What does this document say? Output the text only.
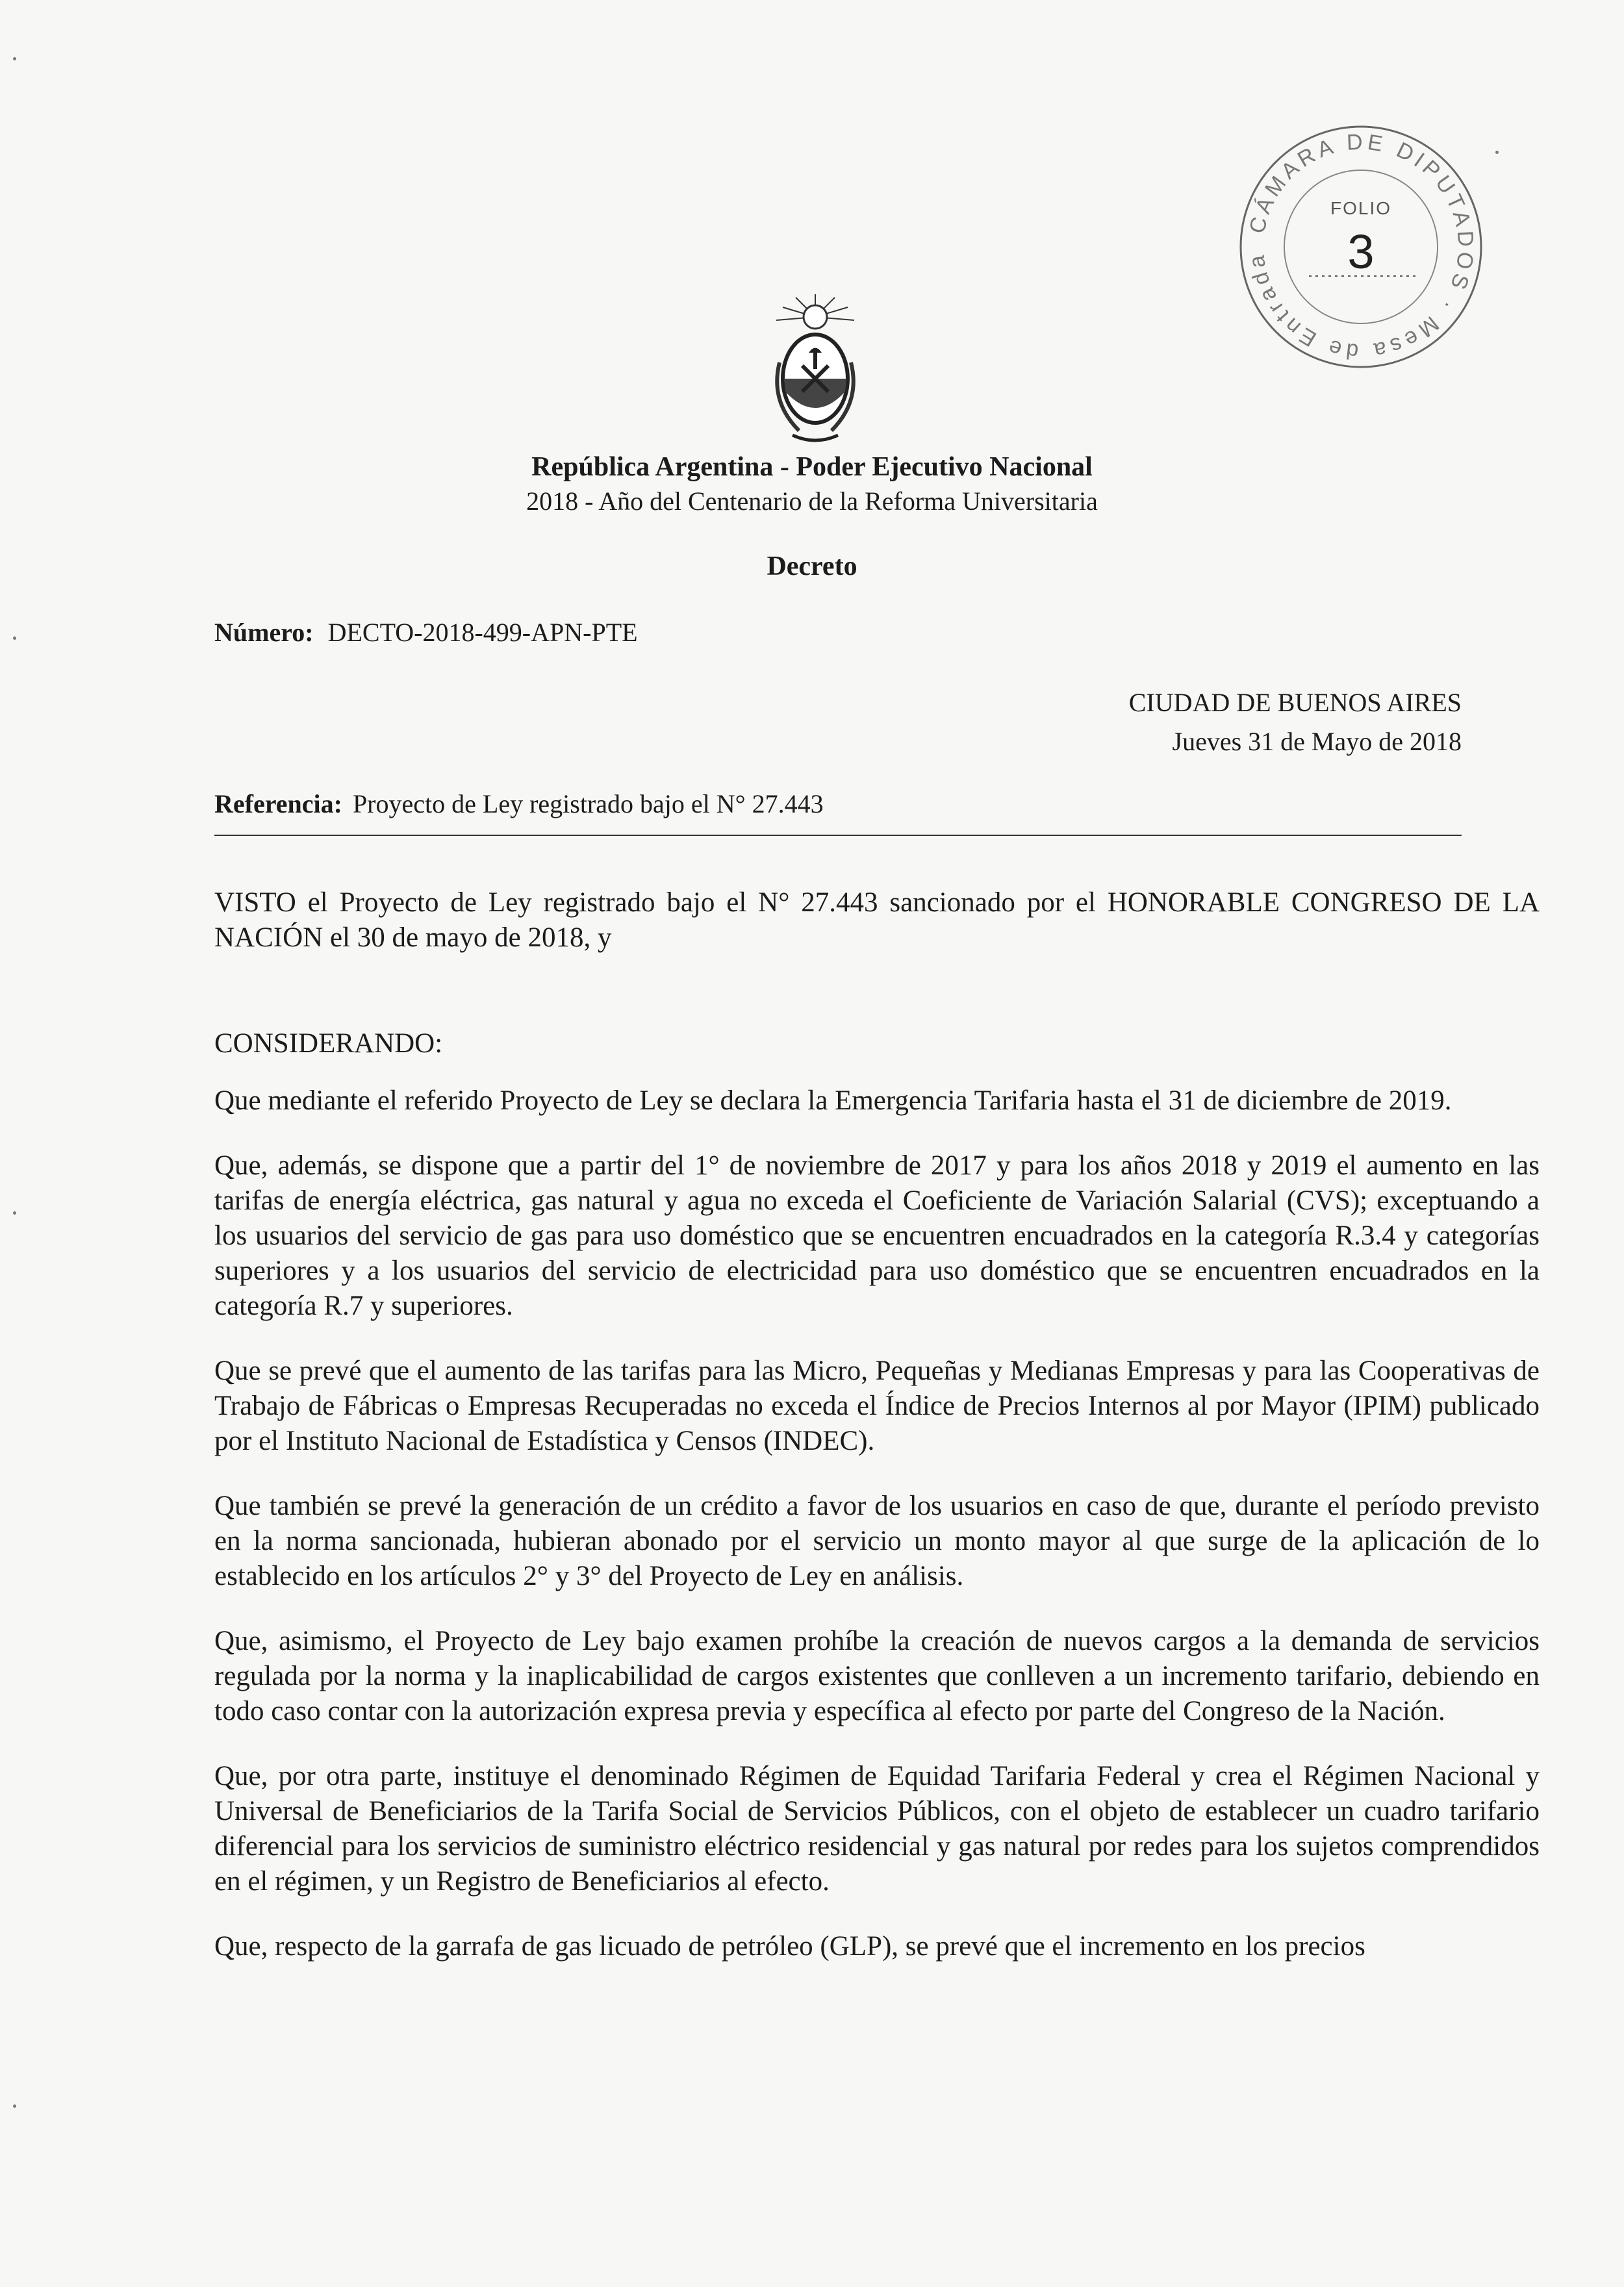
CÁMARA DE DIPUTADOS · Mesa de Entrada
FOLIO
3
República Argentina - Poder Ejecutivo Nacional
2018 - Año del Centenario de la Reforma Universitaria
Decreto
Número: DECTO-2018-499-APN-PTE
CIUDAD DE BUENOS AIRES
Jueves 31 de Mayo de 2018
Referencia: Proyecto de Ley registrado bajo el N° 27.443

VISTO el Proyecto de Ley registrado bajo el N° 27.443 sancionado por el HONORABLE CONGRESO DE LA NACIÓN el 30 de mayo de 2018, y

CONSIDERANDO:

Que mediante el referido Proyecto de Ley se declara la Emergencia Tarifaria hasta el 31 de diciembre de 2019.

Que, además, se dispone que a partir del 1° de noviembre de 2017 y para los años 2018 y 2019 el aumento en las tarifas de energía eléctrica, gas natural y agua no exceda el Coeficiente de Variación Salarial (CVS); exceptuando a los usuarios del servicio de gas para uso doméstico que se encuentren encuadrados en la categoría R.3.4 y categorías superiores y a los usuarios del servicio de electricidad para uso doméstico que se encuentren encuadrados en la categoría R.7 y superiores.

Que se prevé que el aumento de las tarifas para las Micro, Pequeñas y Medianas Empresas y para las Cooperativas de Trabajo de Fábricas o Empresas Recuperadas no exceda el Índice de Precios Internos al por Mayor (IPIM) publicado por el Instituto Nacional de Estadística y Censos (INDEC).

Que también se prevé la generación de un crédito a favor de los usuarios en caso de que, durante el período previsto en la norma sancionada, hubieran abonado por el servicio un monto mayor al que surge de la aplicación de lo establecido en los artículos 2° y 3° del Proyecto de Ley en análisis.

Que, asimismo, el Proyecto de Ley bajo examen prohíbe la creación de nuevos cargos a la demanda de servicios regulada por la norma y la inaplicabilidad de cargos existentes que conlleven a un incremento tarifario, debiendo en todo caso contar con la autorización expresa previa y específica al efecto por parte del Congreso de la Nación.

Que, por otra parte, instituye el denominado Régimen de Equidad Tarifaria Federal y crea el Régimen Nacional y Universal de Beneficiarios de la Tarifa Social de Servicios Públicos, con el objeto de establecer un cuadro tarifario diferencial para los servicios de suministro eléctrico residencial y gas natural por redes para los sujetos comprendidos en el régimen, y un Registro de Beneficiarios al efecto.

Que, respecto de la garrafa de gas licuado de petróleo (GLP), se prevé que el incremento en los precios
